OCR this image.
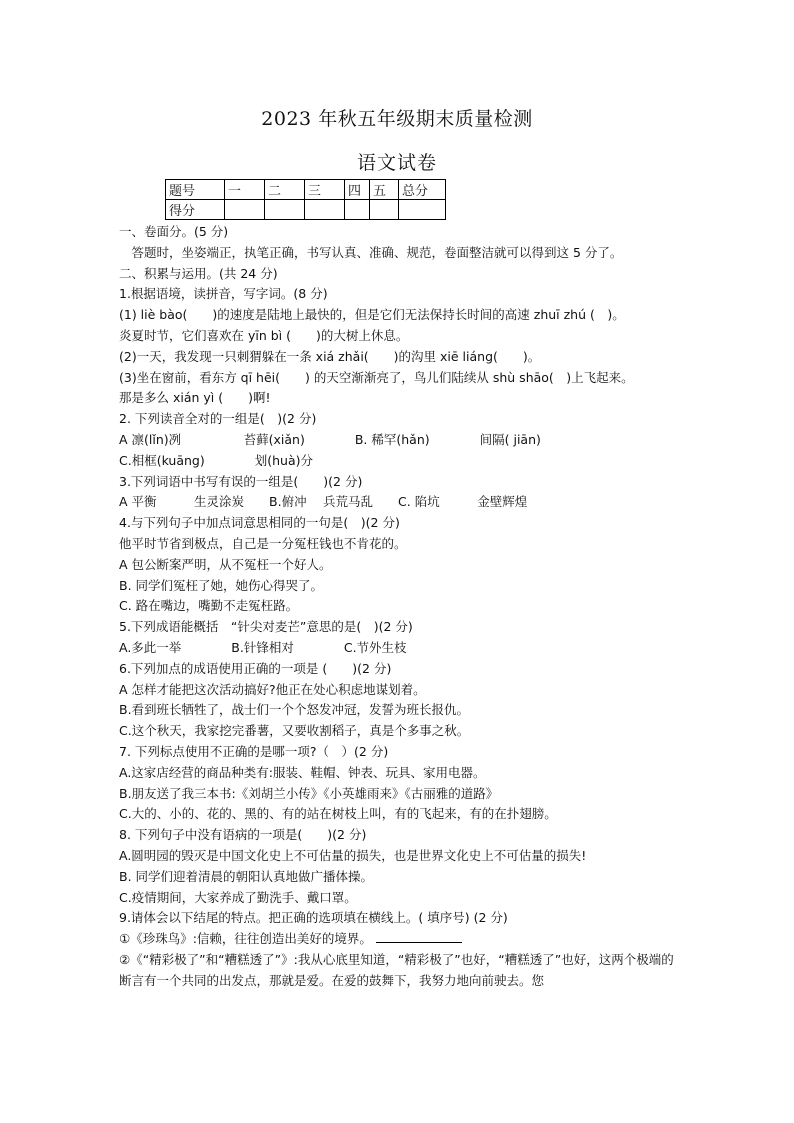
2023 年秋五年级期末质量检测
语文试卷
题号	一	二	三	四	五	总分
得分						
一、卷面分。(5 分)
　答题时，坐姿端正，执笔正确，书写认真、准确、规范，卷面整洁就可以得到这 5 分了。
二、积累与运用。(共 24 分)
1.根据语境，读拼音，写字词。(8 分)
(1) liè bào(　　)的速度是陆地上最快的，但是它们无法保持长时间的高速 zhuī zhú (　)。
炎夏时节，它们喜欢在 yīn bì (　　)的大树上休息。
(2)一天，我发现一只刺猬躲在一条 xiá zhǎi(　　)的沟里 xiē liáng(　　)。
(3)坐在窗前，看东方 qī hēi(　　) 的天空渐渐亮了，鸟儿们陆续从 shù shāo(　)上飞起来。
那是多么 xián yì (　　)啊!
2. 下列读音全对的一组是(　)(2 分)
A 凛(lǐn)冽　　　　　苔藓(xiǎn)　　　　B. 稀罕(hǎn)　　　　间隔( jiān)
C.相框(kuāng)　　　　划(huà)分
3.下列词语中书写有误的一组是(　　)(2 分)
A 平衡　　　生灵涂炭　　B.俯冲　 兵荒马乱　　C. 陷坑　　　金壁辉煌
4.与下列句子中加点词意思相同的一句是(　)(2 分)
他平时节省到极点，自己是一分冤枉钱也不肯花的。
A 包公断案严明，从不冤枉一个好人。
B. 同学们冤枉了她，她伤心得哭了。
C. 路在嘴边，嘴勤不走冤枉路。
5.下列成语能概括　“针尖对麦芒”意思的是(　)(2 分)
A.多此一举　　　　B.针锋相对　　　　C.节外生枝
6.下列加点的成语使用正确的一项是 (　　)(2 分)
A 怎样才能把这次活动搞好?他正在处心积虑地谋划着。
B.看到班长牺牲了，战士们一个个怒发冲冠，发誓为班长报仇。
C.这个秋天，我家挖完番薯，又要收割稻子，真是个多事之秋。
7. 下列标点使用不正确的是哪一项?（　）(2 分)
A.这家店经营的商品种类有:服装、鞋帽、钟表、玩具、家用电器。
B.朋友送了我三本书:《刘胡兰小传》《小英雄雨来》《古丽雅的道路》
C.大的、小的、花的、黑的、有的站在树枝上叫，有的飞起来，有的在扑翅膀。
8. 下列句子中没有语病的一项是(　　)(2 分)
A.圆明园的毁灭是中国文化史上不可估量的损失，也是世界文化史上不可估量的损失!
B. 同学们迎着清晨的朝阳认真地做广播体操。
C.疫情期间，大家养成了勤洗手、戴口罩。
9.请体会以下结尾的特点。把正确的选项填在横线上。( 填序号) (2 分)
①《珍珠鸟》:信赖，往往创造出美好的境界。
②《“精彩极了”和“糟糕透了”》:我从心底里知道，“精彩极了”也好，“糟糕透了”也好，这两个极端的断言有一个共同的出发点，那就是爱。在爱的鼓舞下，我努力地向前驶去。您
